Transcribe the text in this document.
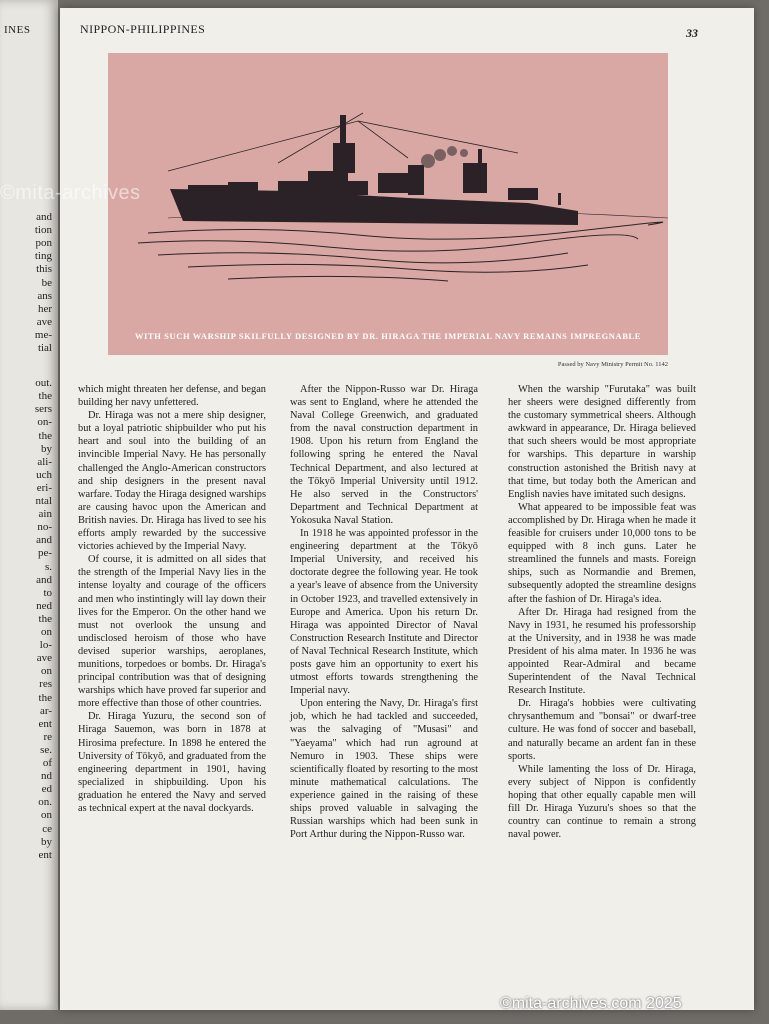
INES
and
tion
pon
ting
this
be
ans
her
ave
me-
tial
out.
the
sers
on-
the
by
ali-
uch
eri-
ntal
ain
no-
and
pe-
s.
and
to
ned
the
on
lo-
ave
on
res
the
ar-
ent
re
se.
of
nd
ed
on.
on
ce
by
ent
NIPPON-PHILIPPINES	33
WITH SUCH WARSHIP SKILFULLY DESIGNED BY DR. HIRAGA THE IMPERIAL NAVY REMAINS IMPREGNABLE
Passed by Navy Ministry Permit No. 1142

which might threaten her defense, and began building her navy unfettered.

Dr. Hiraga was not a mere ship designer, but a loyal patriotic shipbuilder who put his heart and soul into the building of an invincible Imperial Navy. He has personally challenged the Anglo-American constructors and ship designers in the present naval warfare. Today the Hiraga designed warships are causing havoc upon the American and British navies. Dr. Hiraga has lived to see his efforts amply rewarded by the successive victories achieved by the Imperial Navy.

Of course, it is admitted on all sides that the strength of the Imperial Navy lies in the intense loyalty and courage of the officers and men who instintingly will lay down their lives for the Emperor. On the other hand we must not overlook the unsung and undisclosed heroism of those who have devised superior warships, aeroplanes, munitions, torpedoes or bombs. Dr. Hiraga's principal contribution was that of designing warships which have proved far superior and more effective than those of other countries.

Dr. Hiraga Yuzuru, the second son of Hiraga Sauemon, was born in 1878 at Hirosima prefecture. In 1898 he entered the University of Tōkyō, and graduated from the engineering department in 1901, having specialized in shipbuilding. Upon his graduation he entered the Navy and served as technical expert at the naval dockyards.

After the Nippon-Russo war Dr. Hiraga was sent to England, where he attended the Naval College Greenwich, and graduated from the naval construction department in 1908. Upon his return from England the following spring he entered the Naval Technical Department, and also lectured at the Tōkyō Imperial University until 1912. He also served in the Constructors' Department and Technical Department at Yokosuka Naval Station.

In 1918 he was appointed professor in the engineering department at the Tōkyō Imperial University, and received his doctorate degree the following year. He took a year's leave of absence from the University in October 1923, and travelled extensively in Europe and America. Upon his return Dr. Hiraga was appointed Director of Naval Construction Research Institute and Director of Naval Technical Research Institute, which posts gave him an opportunity to exert his utmost efforts towards strengthening the Imperial navy.

Upon entering the Navy, Dr. Hiraga's first job, which he had tackled and succeeded, was the salvaging of "Musasi" and "Yaeyama" which had run aground at Nemuro in 1903. These ships were scientifically floated by resorting to the most minute mathematical calculations. The experience gained in the raising of these ships proved valuable in salvaging the Russian warships which had been sunk in Port Arthur during the Nippon-Russo war.

When the warship "Furutaka" was built her sheers were designed differently from the customary symmetrical sheers. Although awkward in appearance, Dr. Hiraga believed that such sheers would be most appropriate for warships. This departure in warship construction astonished the British navy at that time, but today both the American and English navies have imitated such designs.

What appeared to be impossible feat was accomplished by Dr. Hiraga when he made it feasible for cruisers under 10,000 tons to be equipped with 8 inch guns. Later he streamlined the funnels and masts. Foreign ships, such as Normandie and Bremen, subsequently adopted the streamline designs after the fashion of Dr. Hiraga's idea.

After Dr. Hiraga had resigned from the Navy in 1931, he resumed his professorship at the University, and in 1938 he was made President of his alma mater. In 1936 he was appointed Rear-Admiral and became Superintendent of the Naval Technical Research Institute.

Dr. Hiraga's hobbies were cultivating chrysanthemum and "bonsai" or dwarf-tree culture. He was fond of soccer and baseball, and naturally became an ardent fan in these sports.

While lamenting the loss of Dr. Hiraga, every subject of Nippon is confidently hoping that other equally capable men will fill Dr. Hiraga Yuzuru's shoes so that the country can continue to remain a strong naval power.

©mita-archives
©mita-archives.com 2025
